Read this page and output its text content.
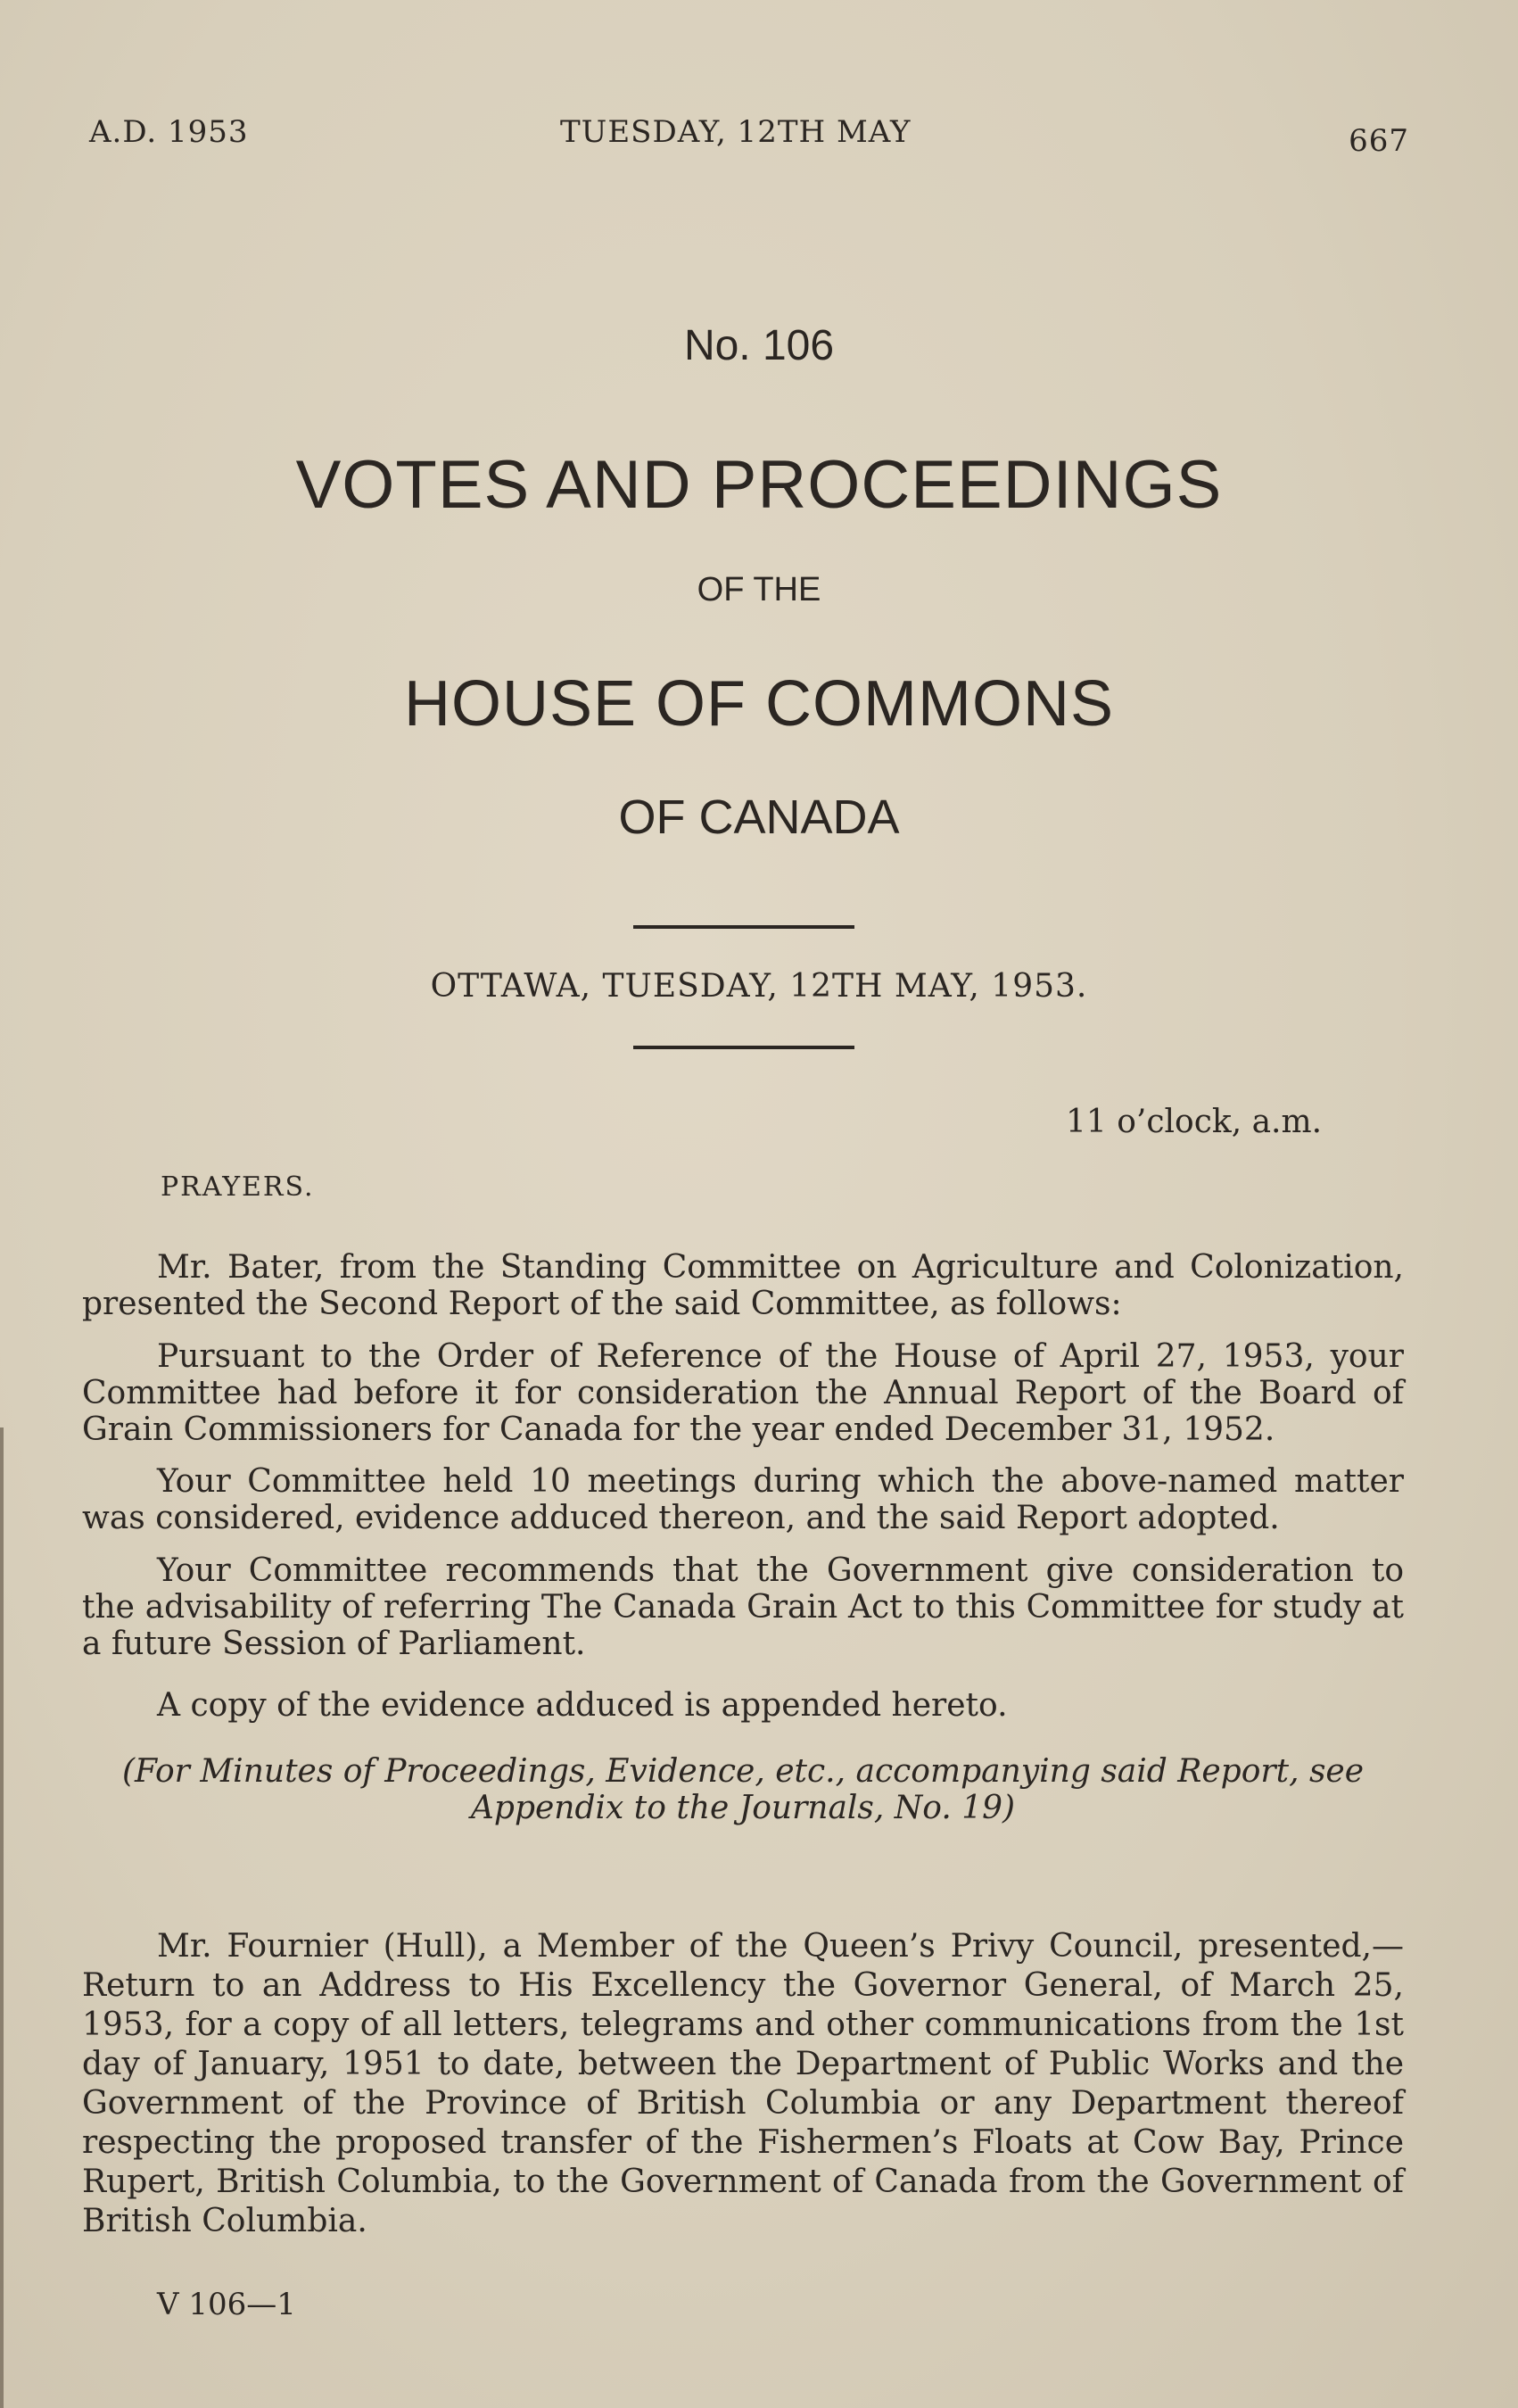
A.D. 1953	TUESDAY, 12TH MAY	667
No. 106
VOTES AND PROCEEDINGS
OF THE
HOUSE OF COMMONS
OF CANADA
OTTAWA, TUESDAY, 12TH MAY, 1953.
11 o’clock, a.m.
PRAYERS.
Mr. Bater, from the Standing Committee on Agriculture and Colonization, presented the Second Report of the said Committee, as follows:
Pursuant to the Order of Reference of the House of April 27, 1953, your Committee had before it for consideration the Annual Report of the Board of Grain Commissioners for Canada for the year ended December 31, 1952.
Your Committee held 10 meetings during which the above-named matter was considered, evidence adduced thereon, and the said Report adopted.
Your Committee recommends that the Government give consideration to the advisability of referring The Canada Grain Act to this Committee for study at a future Session of Parliament.
A copy of the evidence adduced is appended hereto.
(For Minutes of Proceedings, Evidence, etc., accompanying said Report, see Appendix to the Journals, No. 19)
Mr. Fournier (Hull), a Member of the Queen’s Privy Council, presented,— Return to an Address to His Excellency the Governor General, of March 25, 1953, for a copy of all letters, telegrams and other communications from the 1st day of January, 1951 to date, between the Department of Public Works and the Government of the Province of British Columbia or any Department thereof respecting the proposed transfer of the Fishermen’s Floats at Cow Bay, Prince Rupert, British Columbia, to the Government of Canada from the Government of British Columbia.
V 106—1
